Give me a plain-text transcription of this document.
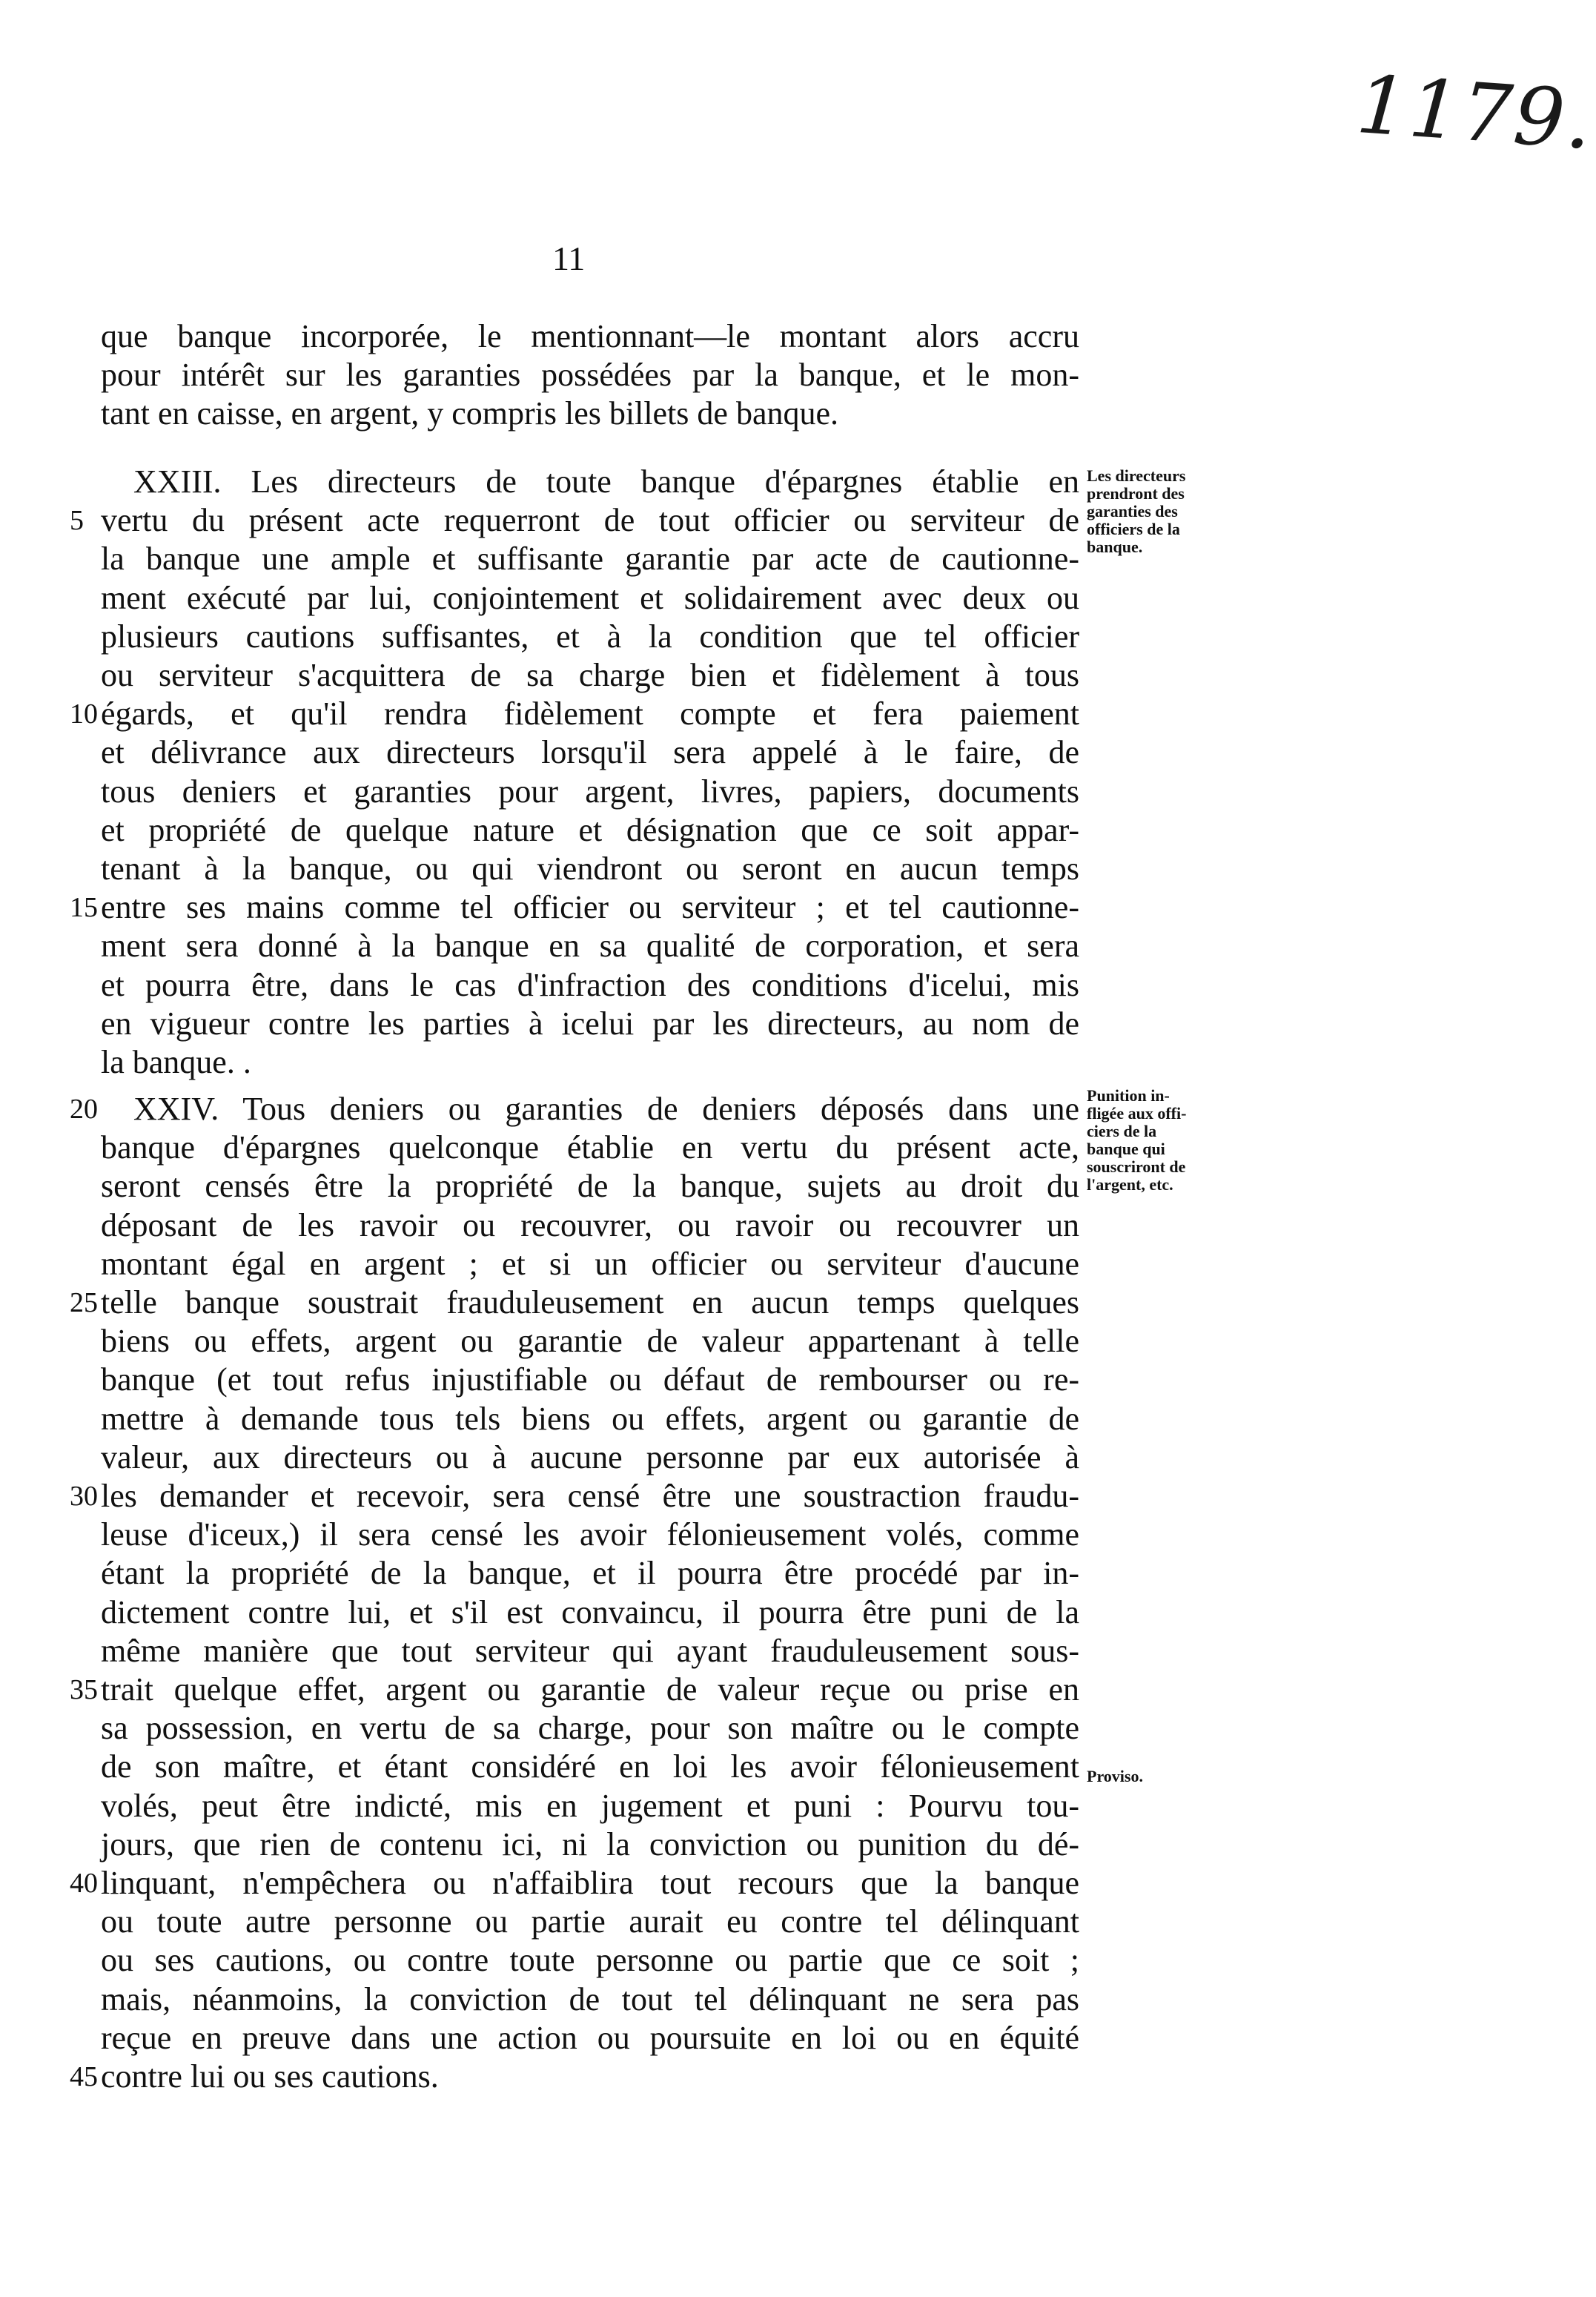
1179.
11
que banque incorporée, le mentionnant—le montant alors accru
pour intérêt sur les garanties possédées par la banque, et le mon-
tant en caisse, en argent, y compris les billets de banque.
XXIII. Les directeurs de toute banque d'épargnes établie en
vertu du présent acte requerront de tout officier ou serviteur de
5
la banque une ample et suffisante garantie par acte de cautionne-
ment exécuté par lui, conjointement et solidairement avec deux ou
plusieurs cautions suffisantes, et à la condition que tel officier
ou serviteur s'acquittera de sa charge bien et fidèlement à tous
égards, et qu'il rendra fidèlement compte et fera paiement
10
et délivrance aux directeurs lorsqu'il sera appelé à le faire, de
tous deniers et garanties pour argent, livres, papiers, documents
et propriété de quelque nature et désignation que ce soit appar-
tenant à la banque, ou qui viendront ou seront en aucun temps
entre ses mains comme tel officier ou serviteur ; et tel cautionne-
15
ment sera donné à la banque en sa qualité de corporation, et sera
et pourra être, dans le cas d'infraction des conditions d'icelui, mis
en vigueur contre les parties à icelui par les directeurs, au nom de
la banque. .
XXIV. Tous deniers ou garanties de deniers déposés dans une
20
banque d'épargnes quelconque établie en vertu du présent acte,
seront censés être la propriété de la banque, sujets au droit du
déposant de les ravoir ou recouvrer, ou ravoir ou recouvrer un
montant égal en argent ; et si un officier ou serviteur d'aucune
telle banque soustrait frauduleusement en aucun temps quelques
25
biens ou effets, argent ou garantie de valeur appartenant à telle
banque (et tout refus injustifiable ou défaut de rembourser ou re-
mettre à demande tous tels biens ou effets, argent ou garantie de
valeur, aux directeurs ou à aucune personne par eux autorisée à
les demander et recevoir, sera censé être une soustraction fraudu-
30
leuse d'iceux,) il sera censé les avoir félonieusement volés, comme
étant la propriété de la banque, et il pourra être procédé par in-
dictement contre lui, et s'il est convaincu, il pourra être puni de la
même manière que tout serviteur qui ayant frauduleusement sous-
trait quelque effet, argent ou garantie de valeur reçue ou prise en
35
sa possession, en vertu de sa charge, pour son maître ou le compte
de son maître, et étant considéré en loi les avoir félonieusement
volés, peut être indicté, mis en jugement et puni : Pourvu tou-
jours, que rien de contenu ici, ni la conviction ou punition du dé-
linquant, n'empêchera ou n'affaiblira tout recours que la banque
40
ou toute autre personne ou partie aurait eu contre tel délinquant
ou ses cautions, ou contre toute personne ou partie que ce soit ;
mais, néanmoins, la conviction de tout tel délinquant ne sera pas
reçue en preuve dans une action ou poursuite en loi ou en équité
contre lui ou ses cautions.
45
Les directeurs
prendront des
garanties des
officiers de la
banque.
Punition in-
fligée aux offi-
ciers de la
banque qui
souscriront de
l'argent, etc.
Proviso.
